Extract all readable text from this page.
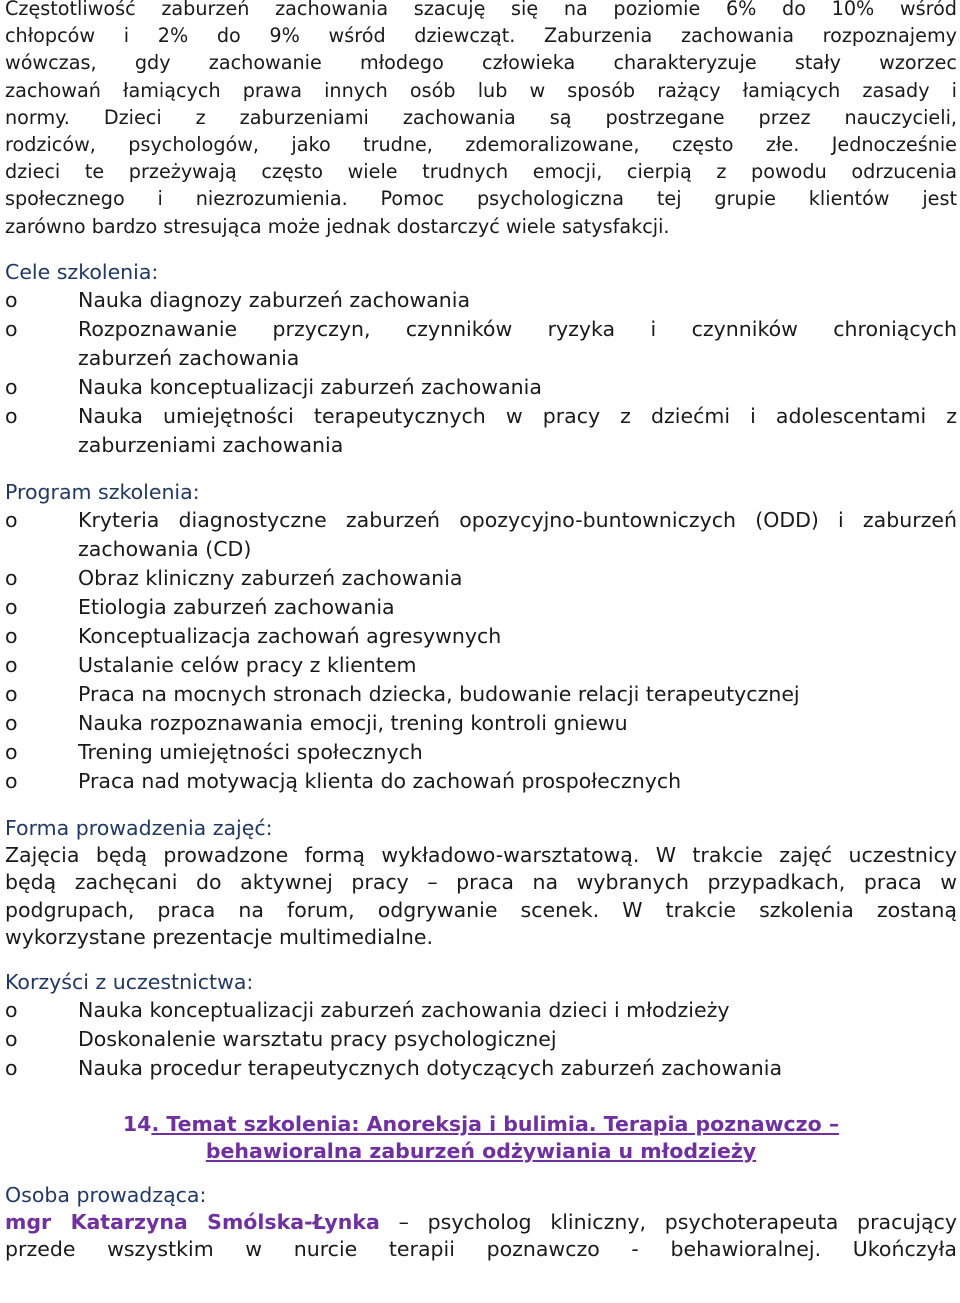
Częstotliwość zaburzeń zachowania szacuję się na poziomie 6% do 10% wśród
chłopców i 2% do 9% wśród dziewcząt. Zaburzenia zachowania rozpoznajemy
wówczas, gdy zachowanie młodego człowieka charakteryzuje stały wzorzec
zachowań łamiących prawa innych osób lub w sposób rażący łamiących zasady i
normy. Dzieci z zaburzeniami zachowania są postrzegane przez nauczycieli,
rodziców, psychologów, jako trudne, zdemoralizowane, często złe. Jednocześnie
dzieci te przeżywają często wiele trudnych emocji, cierpią z powodu odrzucenia
społecznego i niezrozumienia. Pomoc psychologiczna tej grupie klientów jest
zarówno bardzo stresująca może jednak dostarczyć wiele satysfakcji.
Cele szkolenia:
o	Nauka diagnozy zaburzeń zachowania
o	Rozpoznawanie przyczyn, czynników ryzyka i czynników chroniących
zaburzeń zachowania
o	Nauka konceptualizacji zaburzeń zachowania
o	Nauka umiejętności terapeutycznych w pracy z dziećmi i adolescentami z
zaburzeniami zachowania
Program szkolenia:
o	Kryteria diagnostyczne zaburzeń opozycyjno-buntowniczych (ODD) i zaburzeń
zachowania (CD)
o	Obraz kliniczny zaburzeń zachowania
o	Etiologia zaburzeń zachowania
o	Konceptualizacja zachowań agresywnych
o	Ustalanie celów pracy z klientem
o	Praca na mocnych stronach dziecka, budowanie relacji terapeutycznej
o	Nauka rozpoznawania emocji, trening kontroli gniewu
o	Trening umiejętności społecznych
o	Praca nad motywacją klienta do zachowań prospołecznych
Forma prowadzenia zajęć:
Zajęcia będą prowadzone formą wykładowo-warsztatową. W trakcie zajęć uczestnicy
będą zachęcani do aktywnej pracy – praca na wybranych przypadkach, praca w
podgrupach, praca na forum, odgrywanie scenek. W trakcie szkolenia zostaną
wykorzystane prezentacje multimedialne.
Korzyści z uczestnictwa:
o	Nauka konceptualizacji zaburzeń zachowania dzieci i młodzieży
o	Doskonalenie warsztatu pracy psychologicznej
o	Nauka procedur terapeutycznych dotyczących zaburzeń zachowania

14. Temat szkolenia: Anoreksja i bulimia. Terapia poznawczo –
behawioralna zaburzeń odżywiania u młodzieży

Osoba prowadząca:
mgr Katarzyna Smólska-Łynka – psycholog kliniczny, psychoterapeuta pracujący
przede wszystkim w nurcie terapii poznawczo - behawioralnej. Ukończyła
